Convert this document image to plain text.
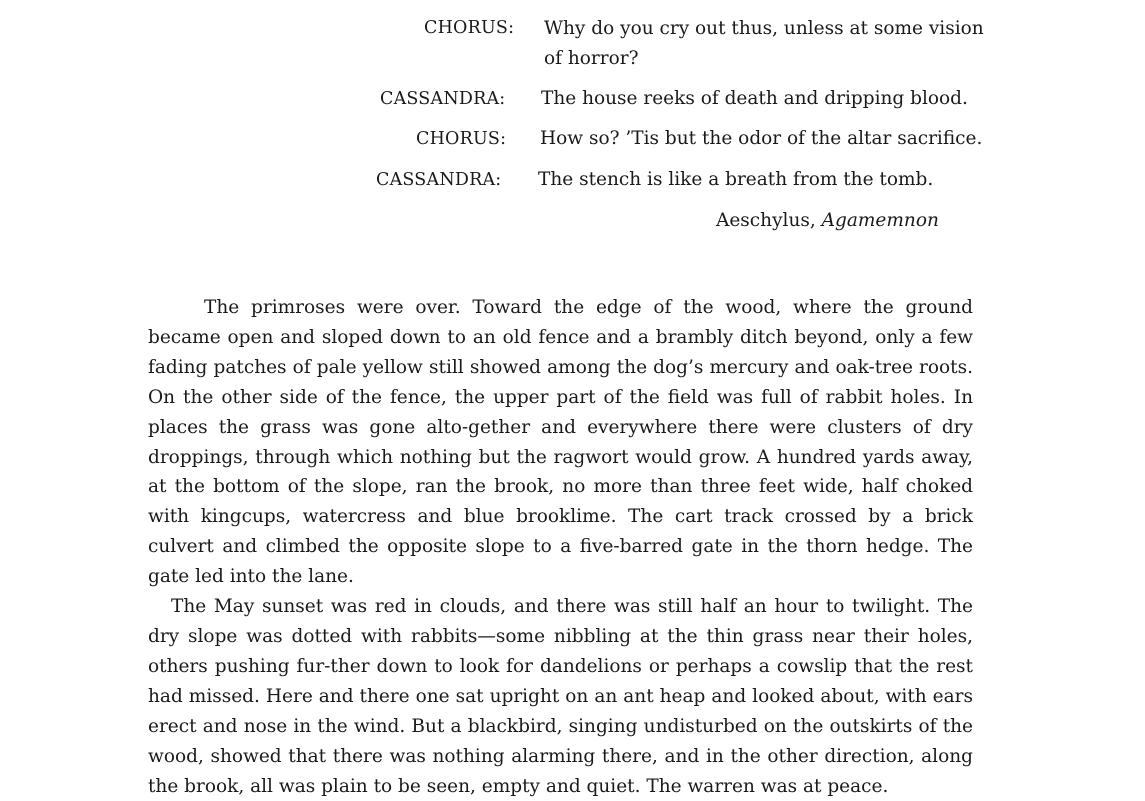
CHORUS: Why do you cry out thus, unless at some vision
of horror?
CASSANDRA: The house reeks of death and dripping blood.
CHORUS: How so? ’Tis but the odor of the altar sacrifice.
CASSANDRA: The stench is like a breath from the tomb.
Aeschylus, Agamemnon

The primroses were over. Toward the edge of the wood, where the ground became open and sloped down to an old fence and a brambly ditch beyond, only a few fading patches of pale yellow still showed among the dog’s mercury and oak-tree roots. On the other side of the fence, the upper part of the field was full of rabbit holes. In places the grass was gone alto-gether and everywhere there were clusters of dry droppings, through which nothing but the ragwort would grow. A hundred yards away, at the bottom of the slope, ran the brook, no more than three feet wide, half choked with kingcups, watercress and blue brooklime. The cart track crossed by a brick culvert and climbed the opposite slope to a five-barred gate in the thorn hedge. The gate led into the lane.

The May sunset was red in clouds, and there was still half an hour to twilight. The dry slope was dotted with rabbits—some nibbling at the thin grass near their holes, others pushing fur-ther down to look for dandelions or perhaps a cowslip that the rest had missed. Here and there one sat upright on an ant heap and looked about, with ears erect and nose in the wind. But a blackbird, singing undisturbed on the outskirts of the wood, showed that there was nothing alarming there, and in the other direction, along the brook, all was plain to be seen, empty and quiet. The warren was at peace.
